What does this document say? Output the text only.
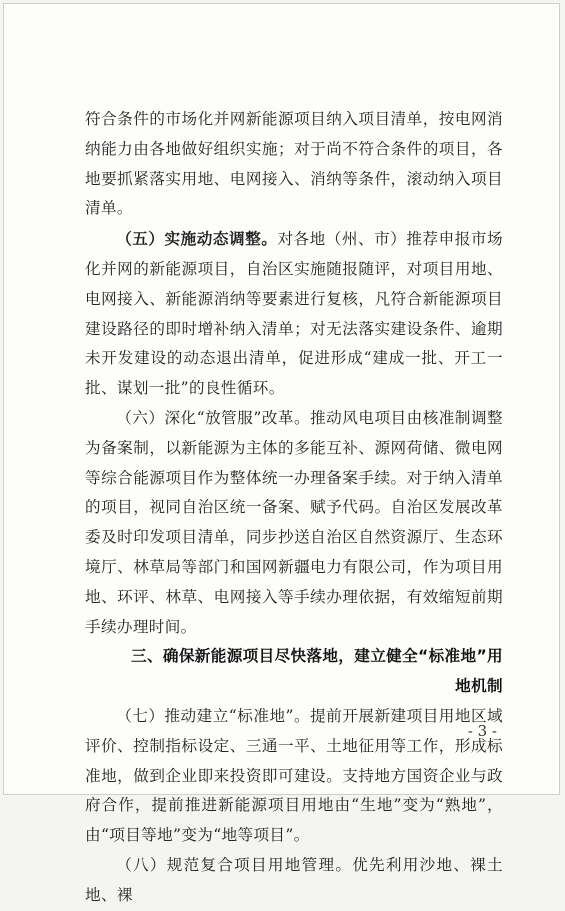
符合条件的市场化并网新能源项目纳入项目清单，按电网消纳能力由各地做好组织实施；对于尚不符合条件的项目，各地要抓紧落实用地、电网接入、消纳等条件，滚动纳入项目清单。

（五）实施动态调整。对各地（州、市）推荐申报市场化并网的新能源项目，自治区实施随报随评，对项目用地、电网接入、新能源消纳等要素进行复核，凡符合新能源项目建设路径的即时增补纳入清单；对无法落实建设条件、逾期未开发建设的动态退出清单，促进形成“建成一批、开工一批、谋划一批”的良性循环。

（六）深化“放管服”改革。推动风电项目由核准制调整为备案制，以新能源为主体的多能互补、源网荷储、微电网等综合能源项目作为整体统一办理备案手续。对于纳入清单的项目，视同自治区统一备案、赋予代码。自治区发展改革委及时印发项目清单，同步抄送自治区自然资源厅、生态环境厅、林草局等部门和国网新疆电力有限公司，作为项目用地、环评、林草、电网接入等手续办理依据，有效缩短前期手续办理时间。

三、确保新能源项目尽快落地，建立健全“标准地”用地机制

（七）推动建立“标准地”。提前开展新建项目用地区域评价、控制指标设定、三通一平、土地征用等工作，形成标准地，做到企业即来投资即可建设。支持地方国资企业与政府合作，提前推进新能源项目用地由“生地”变为“熟地”，由“项目等地”变为“地等项目”。

（八）规范复合项目用地管理。优先利用沙地、裸土地、裸

- 3 -
